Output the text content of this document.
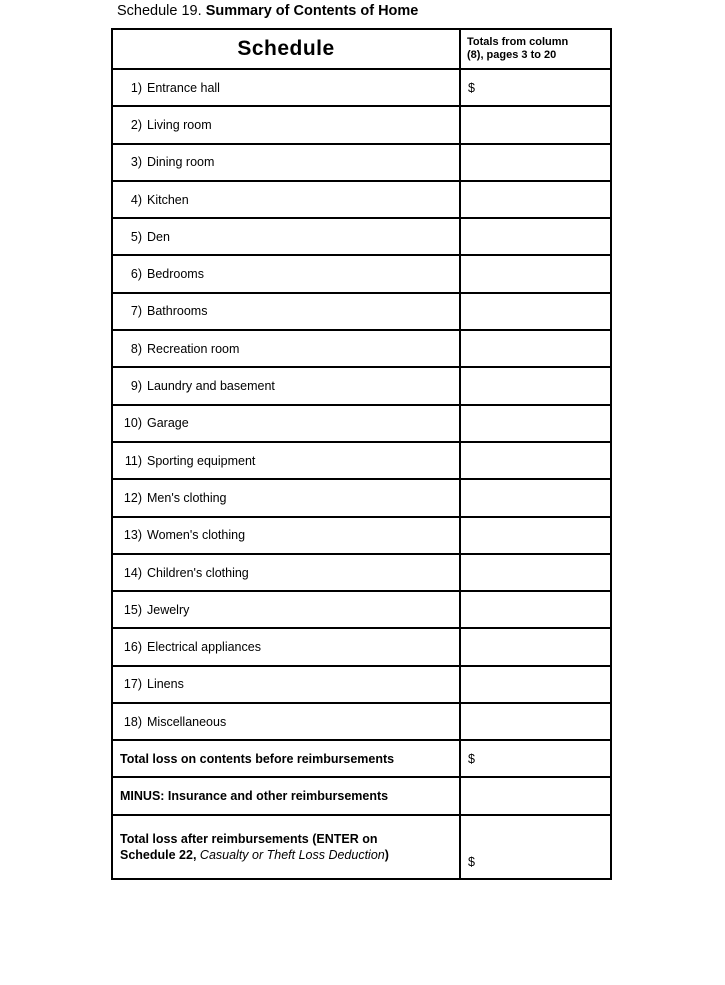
Schedule 19. Summary of Contents of Home
Schedule	Totals from column
(8), pages 3 to 20

1) Entrance hall	$
2) Living room	
3) Dining room	
4) Kitchen	
5) Den	
6) Bedrooms	
7) Bathrooms	
8) Recreation room	
9) Laundry and basement	
10) Garage	
11) Sporting equipment	
12) Men's clothing	
13) Women's clothing	
14) Children's clothing	
15) Jewelry	
16) Electrical appliances	
17) Linens	
18) Miscellaneous	
Total loss on contents before reimbursements	$
MINUS: Insurance and other reimbursements	
Total loss after reimbursements (ENTER on
Schedule 22, Casualty or Theft Loss Deduction)	$
